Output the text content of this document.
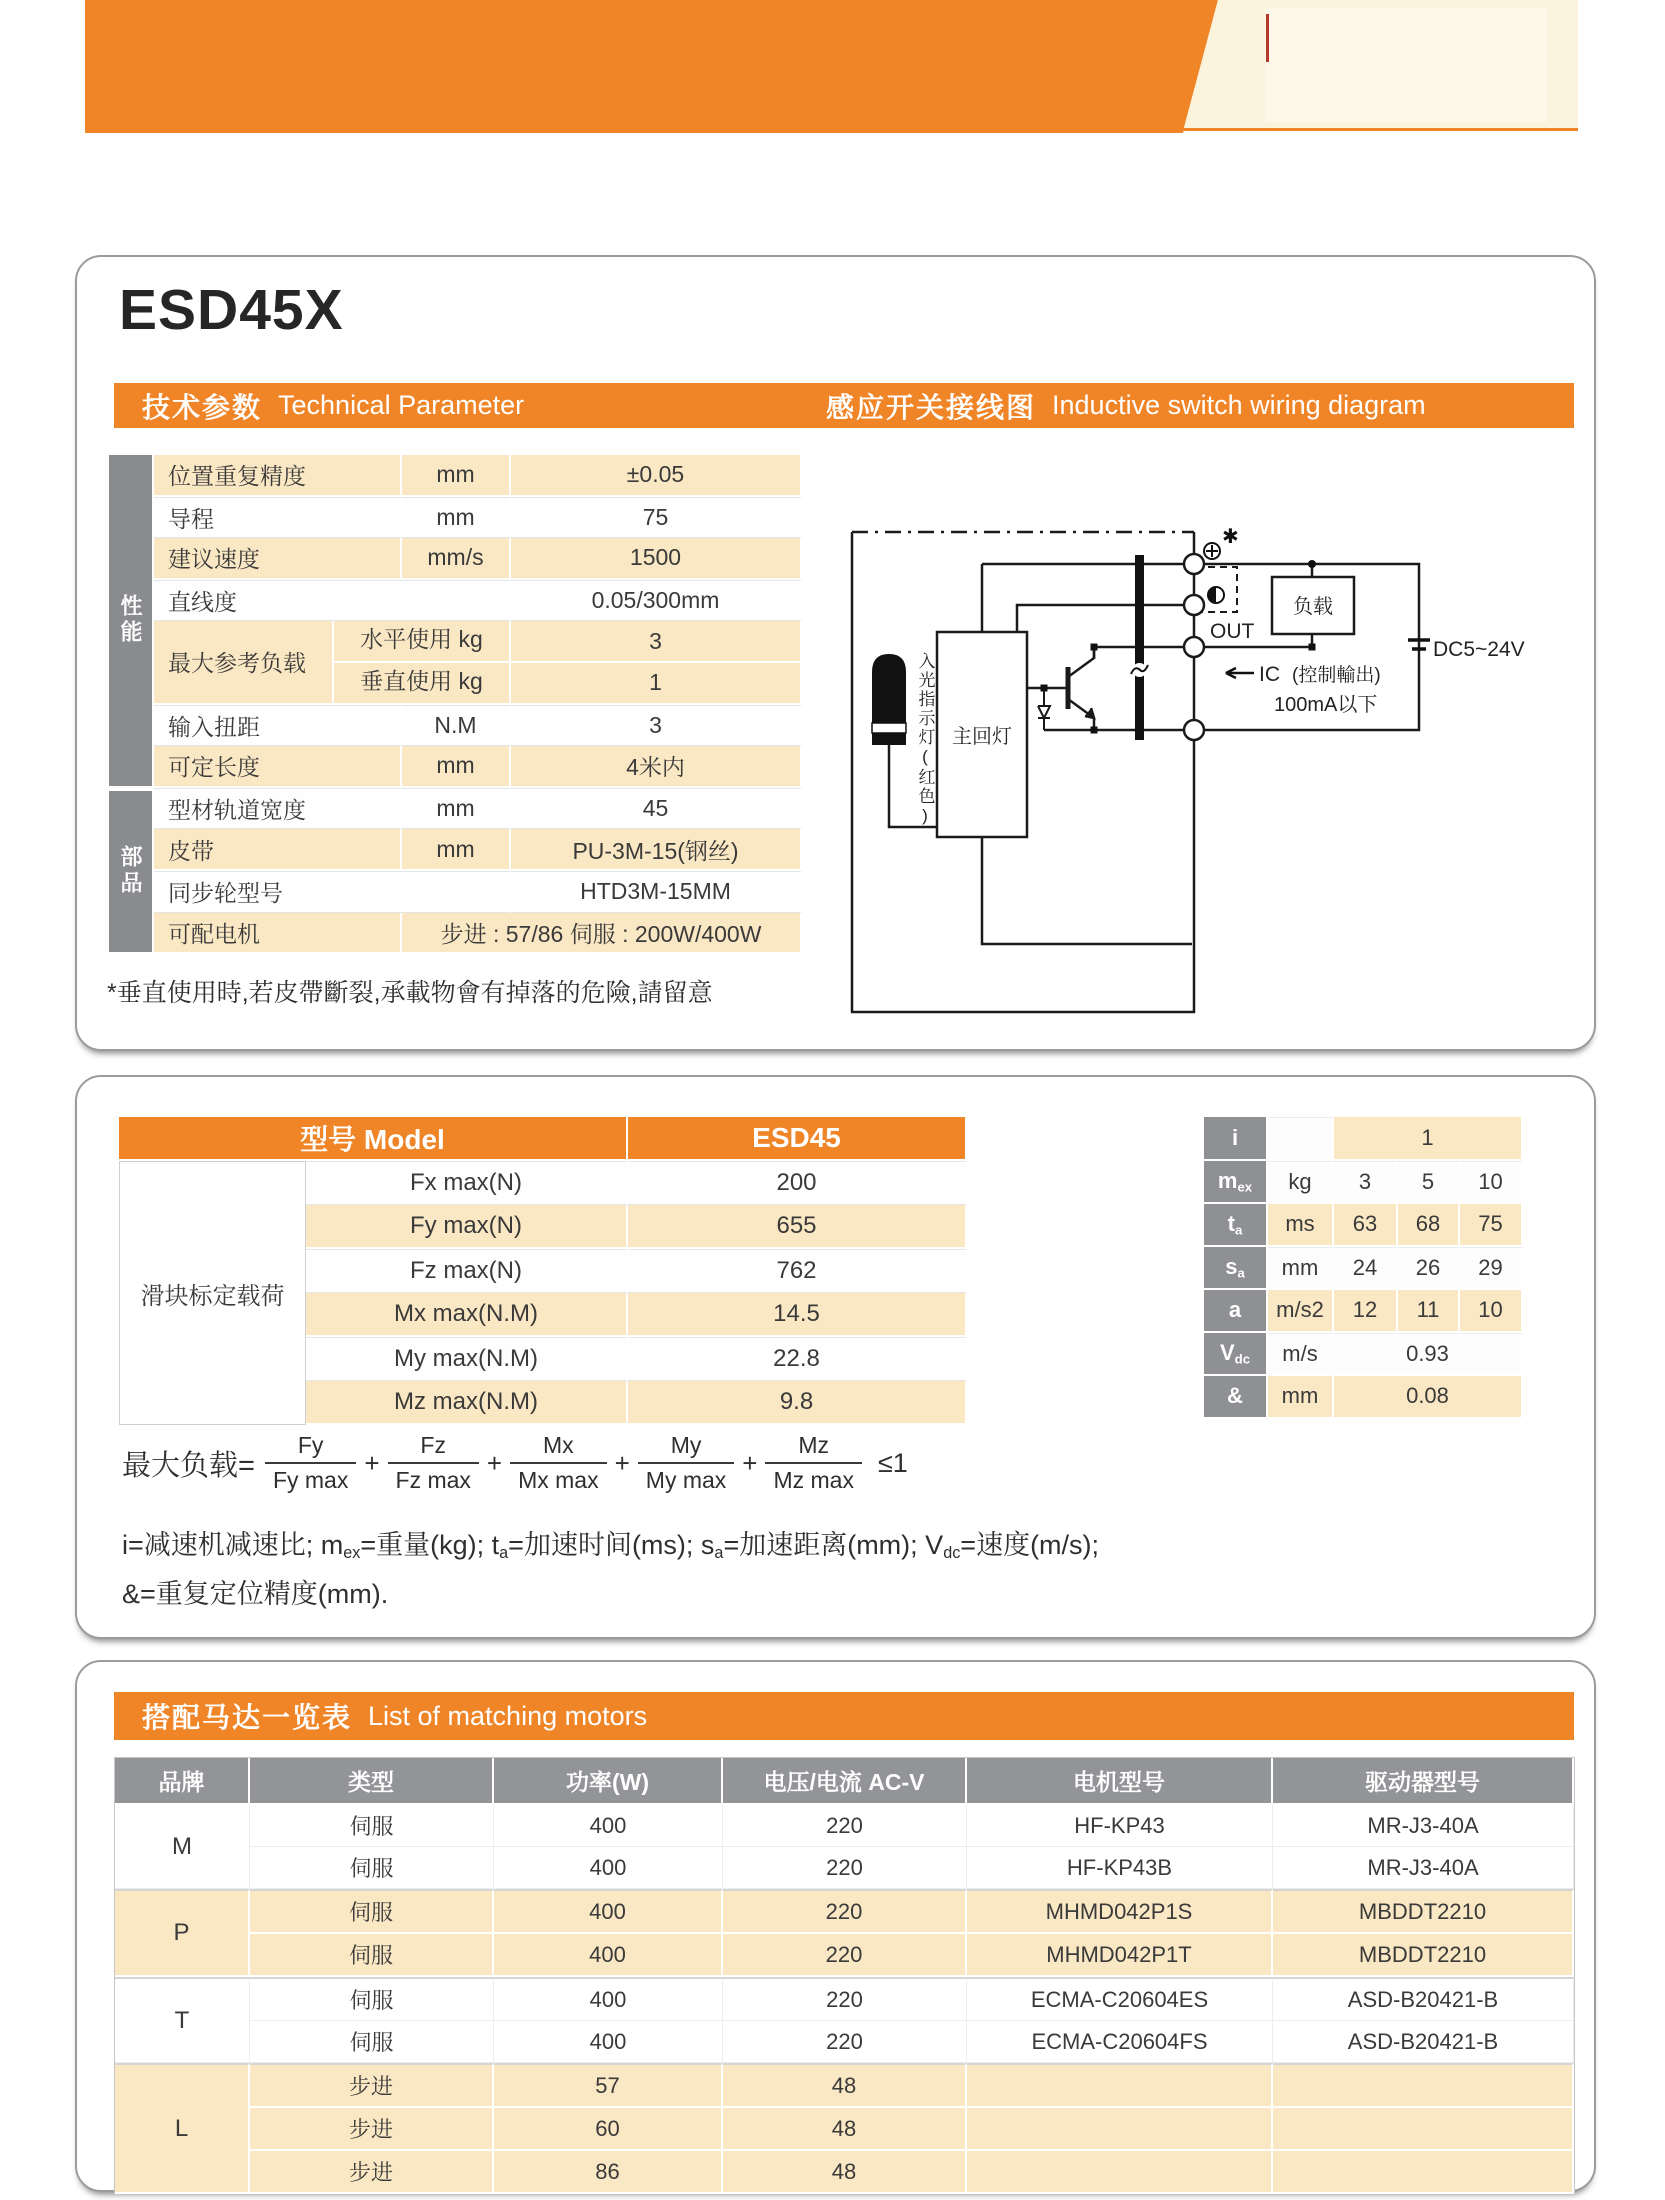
ESD45X
技术参数 Technical Parameter	感应开关接线图 Inductive switch wiring diagram
性能	位置重复精度		mm	±0.05
	导程		mm	75
	建议速度		mm/s	1500
	直线度			0.05/300mm
	最大参考负载	水平使用 kg		3
		垂直使用 kg		1
	输入扭距		N.M	3
	可定长度		mm	4米内

部品	型材轨道宽度		mm	45
	皮带		mm	PU-3M-15(钢丝)
	同步轮型号			HTD3M-15MM
	可配电机		步进 : 57/86 伺服 : 200W/400W	
*垂直使用時,若皮帶斷裂,承載物會有掉落的危險,請留意
入光指示灯(红色) 主回灯
✱
负载
DC5~24V
OUT
IC (控制輸出)
100mA以下
型号 Model		ESD45
滑块标定载荷	Fx max(N)	200
	Fy max(N)	655
	Fz max(N)	762
	Mx max(N.M)	14.5
	My max(N.M)	22.8
	Mz max(N.M)	9.8
i		1		
$m_{ex}$	kg	3	5	10
$t_a$	ms	63	68	75
$s_a$	mm	24	26	29
a	m/s2	12	11	10
$V_{dc}$	m/s	0.93		
&	mm	0.08		
最大负载= $\frac{Fy}{\text{Fy max}} + \frac{Fz}{\text{Fz max}} + \frac{Mx}{\text{Mx max}} + \frac{My}{\text{My max}} + \frac{Mz}{\text{Mz max}} \le 1$
i=减速机减速比; $m_{ex}=$重量(kg); $t_a=$加速时间(ms); $s_a=$加速距离(mm); $V_{dc}=$速度(m/s);
&=重复定位精度(mm).
搭配马达一览表 List of matching motors
品牌	类型	功率(W)	电压/电流 AC-V	电机型号	驱动器型号
M	伺服	400	220	HF-KP43	MR-J3-40A
	伺服	400	220	HF-KP43B	MR-J3-40A
P	伺服	400	220	MHMD042P1S	MBDDT2210
	伺服	400	220	MHMD042P1T	MBDDT2210
T	伺服	400	220	ECMA-C20604ES	ASD-B20421-B
	伺服	400	220	ECMA-C20604FS	ASD-B20421-B
L	步进	57	48		
	步进	60	48		
	步进	86	48		
